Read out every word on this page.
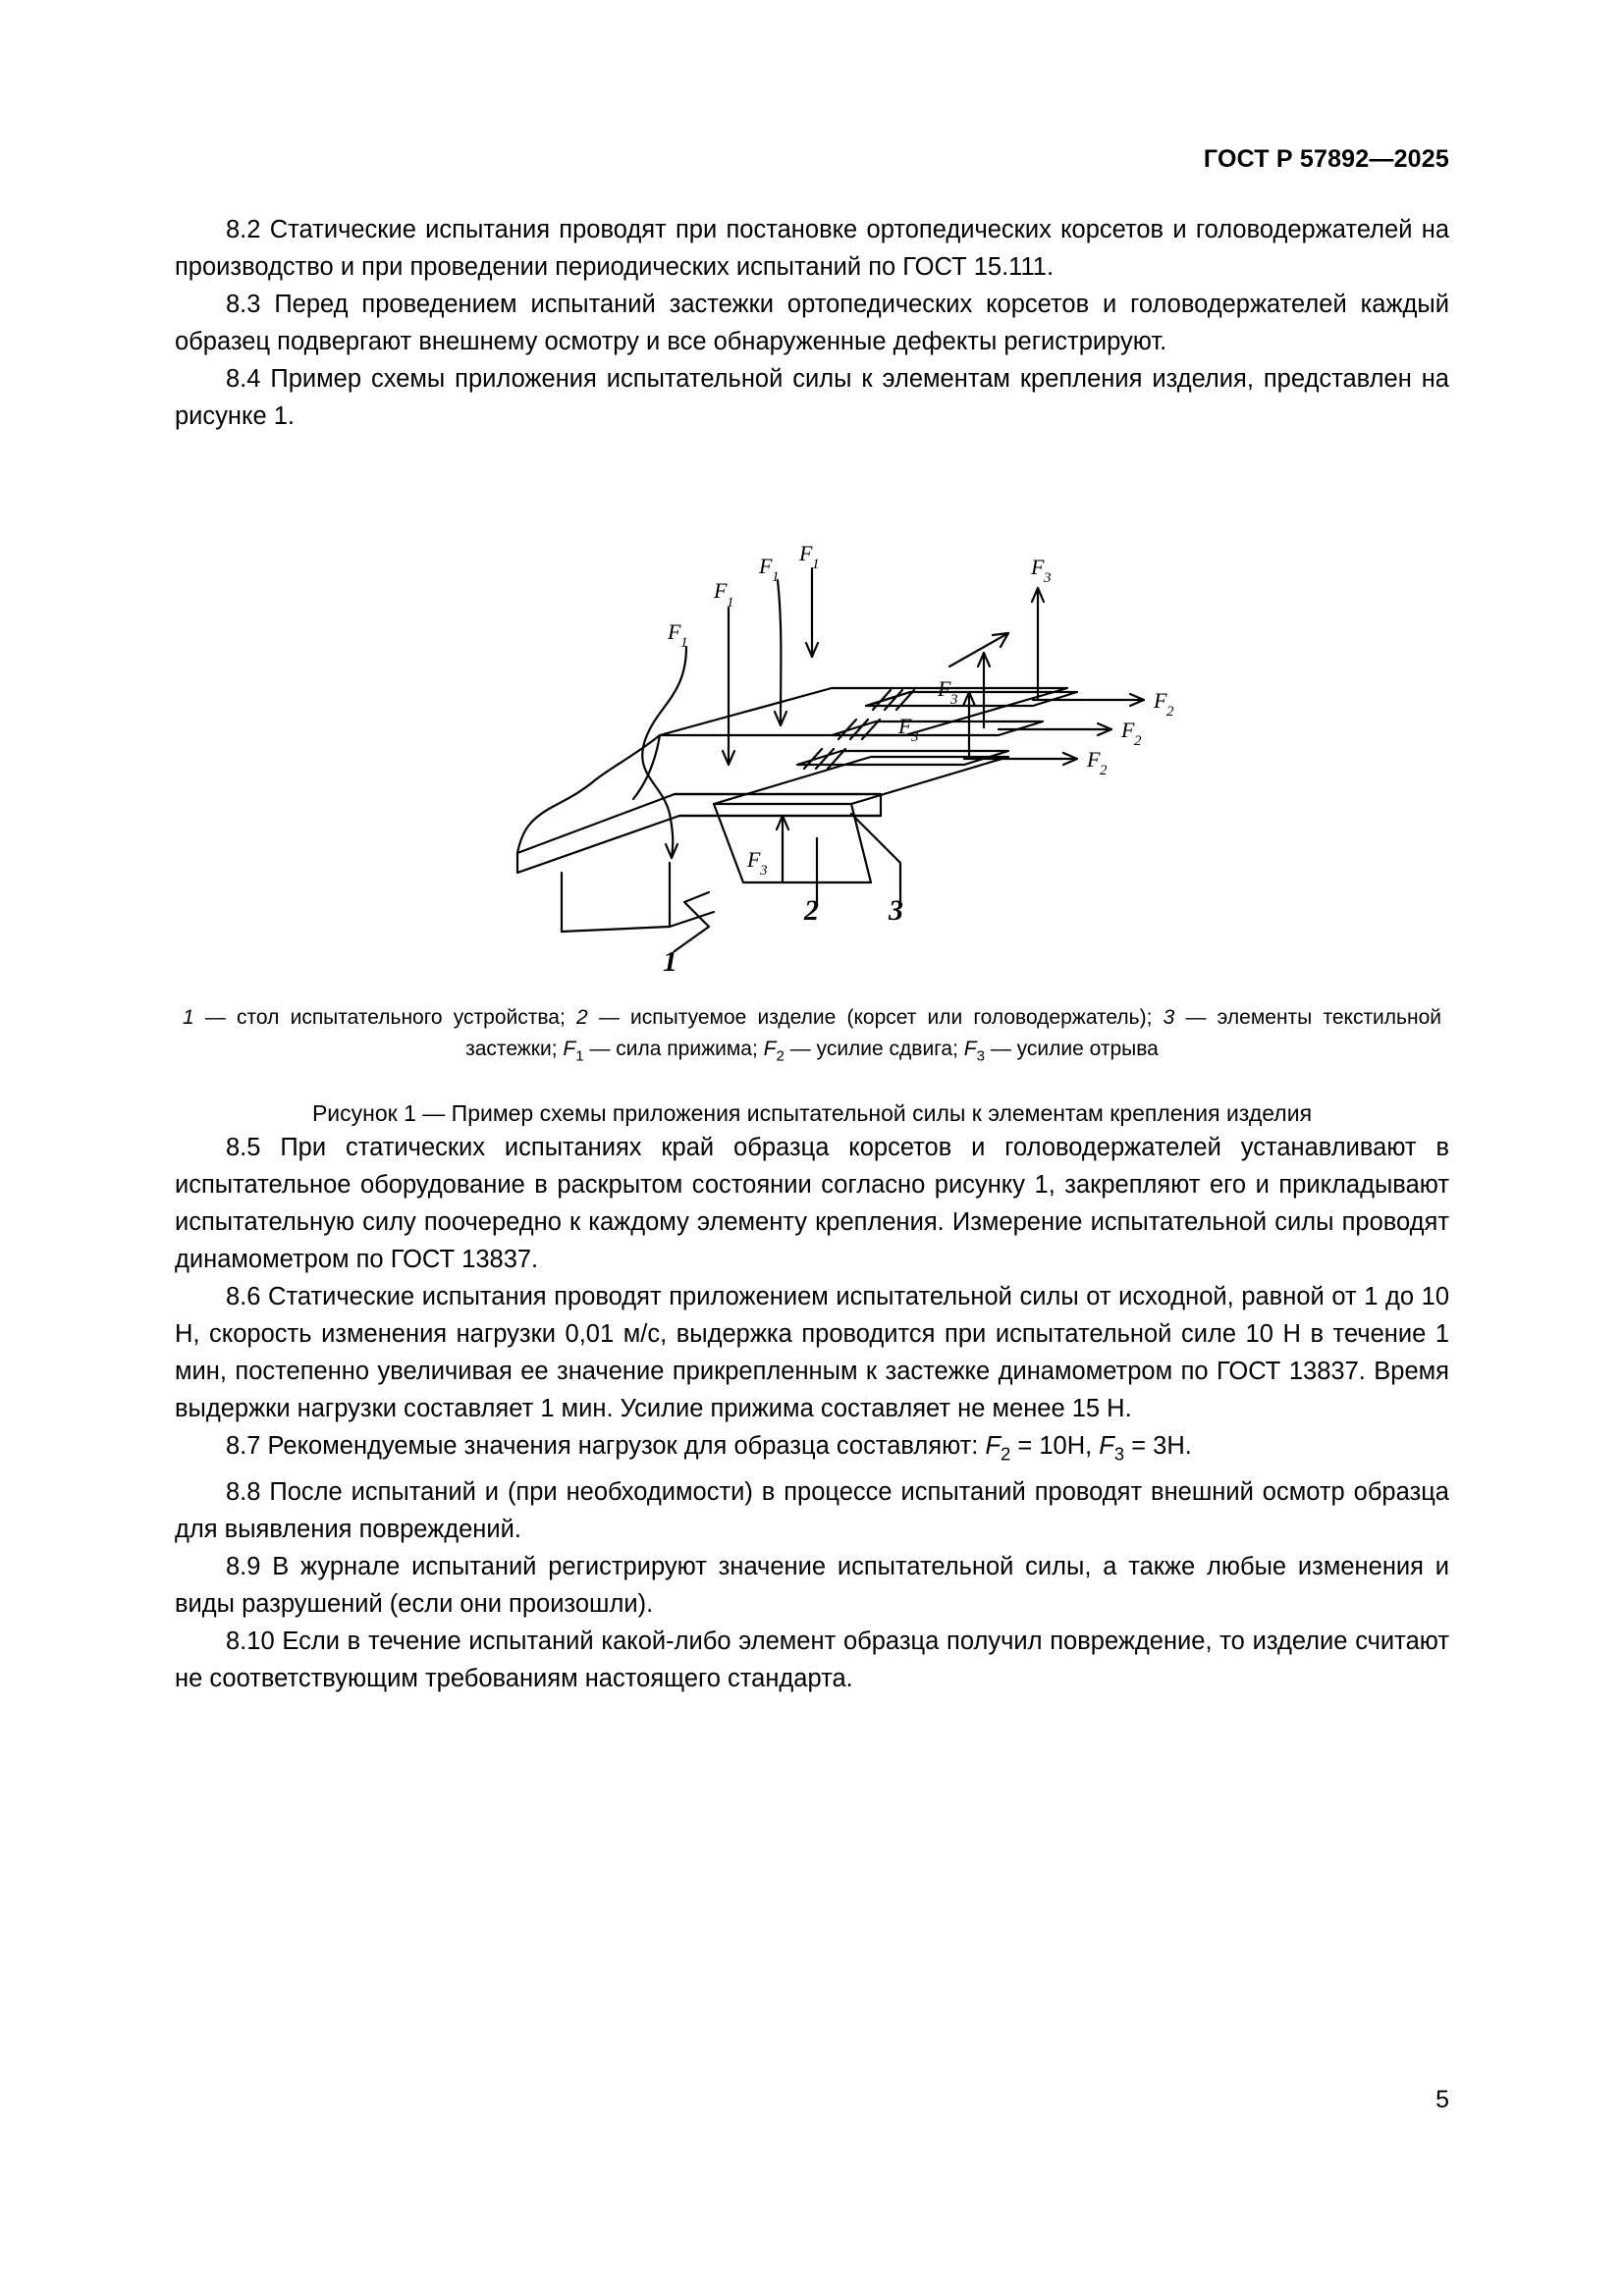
ГОСТ Р 57892—2025

8.2 Статические испытания проводят при постановке ортопедических корсетов и головодержателей на производство и при проведении периодических испытаний по ГОСТ 15.111.

8.3 Перед проведением испытаний застежки ортопедических корсетов и головодержателей каждый образец подвергают внешнему осмотру и все обнаруженные дефекты регистрируют.

8.4 Пример схемы приложения испытательной силы к элементам крепления изделия, представлен на рисунке 1.

F 1
F 1
F 1
F 1
F 3
F 3
F 3
F 3
F 2
F 2
F 2
1
2 3
1 — стол испытательного устройства; 2 — испытуемое изделие (корсет или головодержатель); 3 — элементы текстильной застежки; $F_1$ — сила прижима; $F_2$ — усилие сдвига; $F_3$ — усилие отрыва
Рисунок 1 — Пример схемы приложения испытательной силы к элементам крепления изделия

8.5 При статических испытаниях край образца корсетов и головодержателей устанавливают в испытательное оборудование в раскрытом состоянии согласно рисунку 1, закрепляют его и прикладывают испытательную силу поочередно к каждому элементу крепления. Измерение испытательной силы проводят динамометром по ГОСТ 13837.

8.6 Статические испытания проводят приложением испытательной силы от исходной, равной от 1 до 10 Н, скорость изменения нагрузки 0,01 м/с, выдержка проводится при испытательной силе 10 Н в течение 1 мин, постепенно увеличивая ее значение прикрепленным к застежке динамометром по ГОСТ 13837. Время выдержки нагрузки составляет 1 мин. Усилие прижима составляет не менее 15 Н.

8.7 Рекомендуемые значения нагрузок для образца составляют: $F_2 = 10Н$, $F_3 = 3Н$.

8.8 После испытаний и (при необходимости) в процессе испытаний проводят внешний осмотр образца для выявления повреждений.

8.9 В журнале испытаний регистрируют значение испытательной силы, а также любые изменения и виды разрушений (если они произошли).

8.10 Если в течение испытаний какой-либо элемент образца получил повреждение, то изделие считают не соответствующим требованиям настоящего стандарта.

5
